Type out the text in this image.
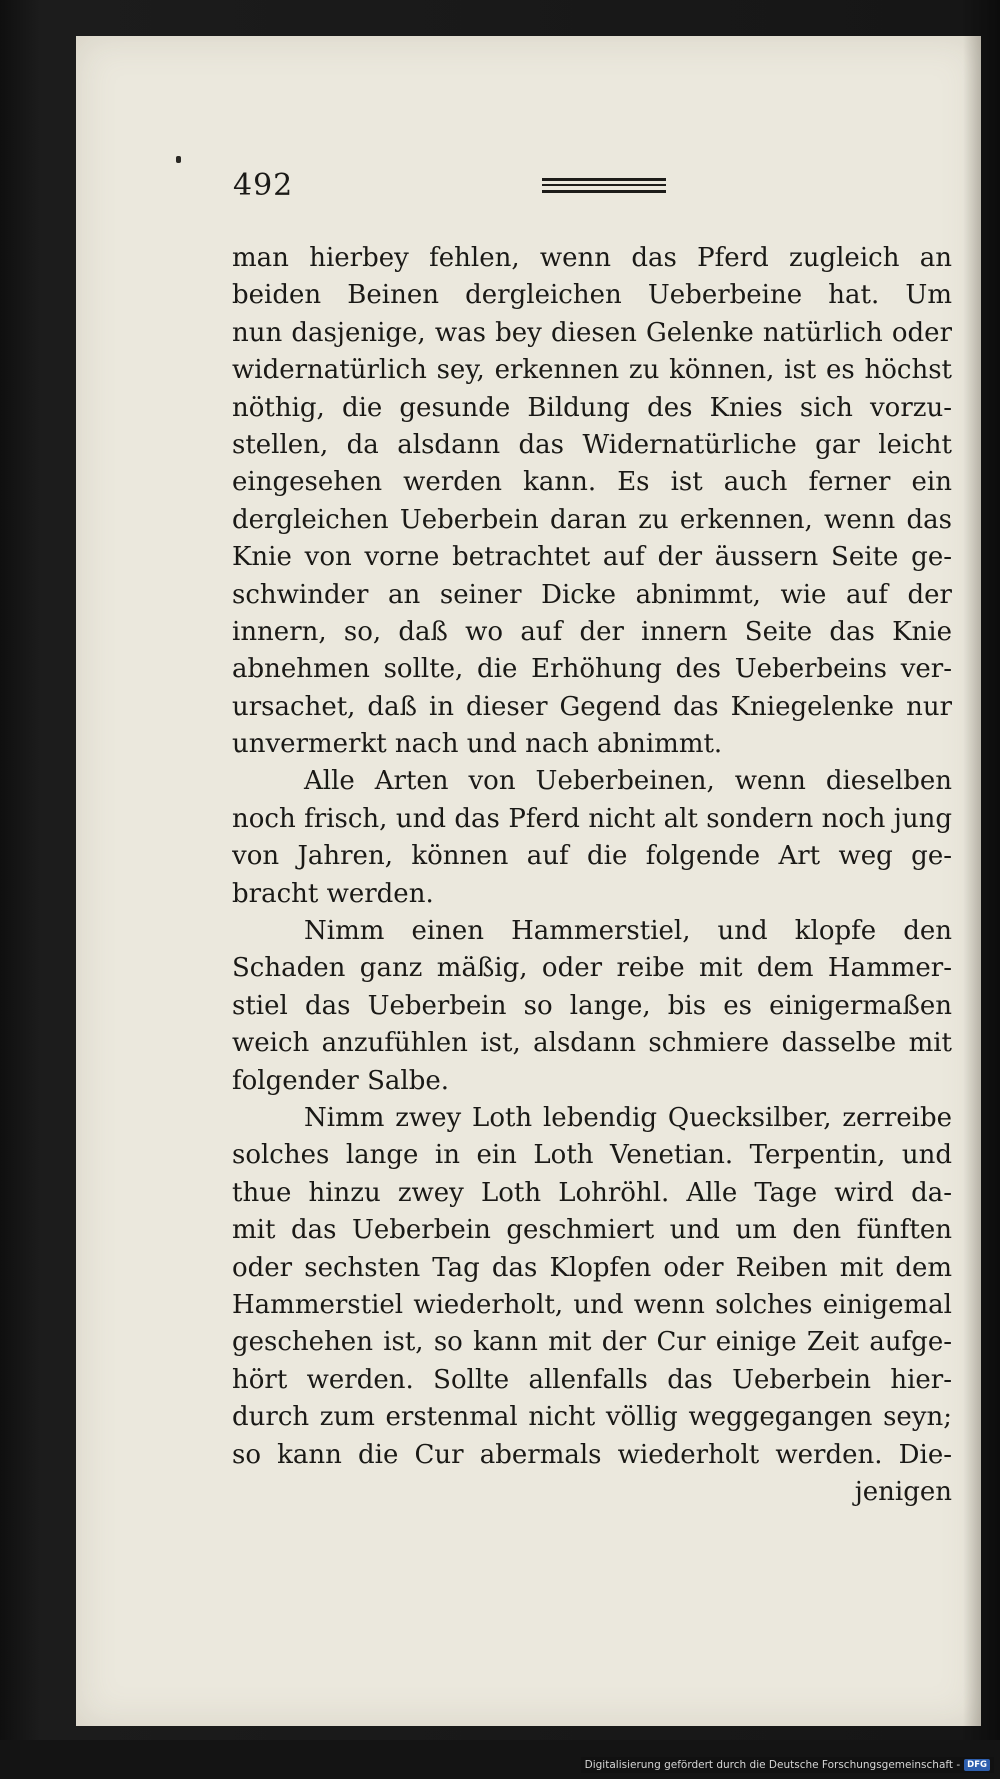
492
man hierbey fehlen, wenn das Pferd zugleich an
beiden Beinen dergleichen Ueberbeine hat. Um
nun dasjenige, was bey diesen Gelenke natürlich oder
widernatürlich sey, erkennen zu können, ist es höchst
nöthig, die gesunde Bildung des Knies sich vorzu-
stellen, da alsdann das Widernatürliche gar leicht
eingesehen werden kann. Es ist auch ferner ein
dergleichen Ueberbein daran zu erkennen, wenn das
Knie von vorne betrachtet auf der äussern Seite ge-
schwinder an seiner Dicke abnimmt, wie auf der
innern, so, daß wo auf der innern Seite das Knie
abnehmen sollte, die Erhöhung des Ueberbeins ver-
ursachet, daß in dieser Gegend das Kniegelenke nur
unvermerkt nach und nach abnimmt.
Alle Arten von Ueberbeinen, wenn dieselben
noch frisch, und das Pferd nicht alt sondern noch jung
von Jahren, können auf die folgende Art weg ge-
bracht werden.
Nimm einen Hammerstiel, und klopfe den
Schaden ganz mäßig, oder reibe mit dem Hammer-
stiel das Ueberbein so lange, bis es einigermaßen
weich anzufühlen ist, alsdann schmiere dasselbe mit
folgender Salbe.
Nimm zwey Loth lebendig Quecksilber, zerreibe
solches lange in ein Loth Venetian. Terpentin, und
thue hinzu zwey Loth Lohröhl. Alle Tage wird da-
mit das Ueberbein geschmiert und um den fünften
oder sechsten Tag das Klopfen oder Reiben mit dem
Hammerstiel wiederholt, und wenn solches einigemal
geschehen ist, so kann mit der Cur einige Zeit aufge-
hört werden. Sollte allenfalls das Ueberbein hier-
durch zum erstenmal nicht völlig weggegangen seyn;
so kann die Cur abermals wiederholt werden. Die-
jenigen
Digitalisierung gefördert durch die Deutsche Forschungsgemeinschaft - DFG
